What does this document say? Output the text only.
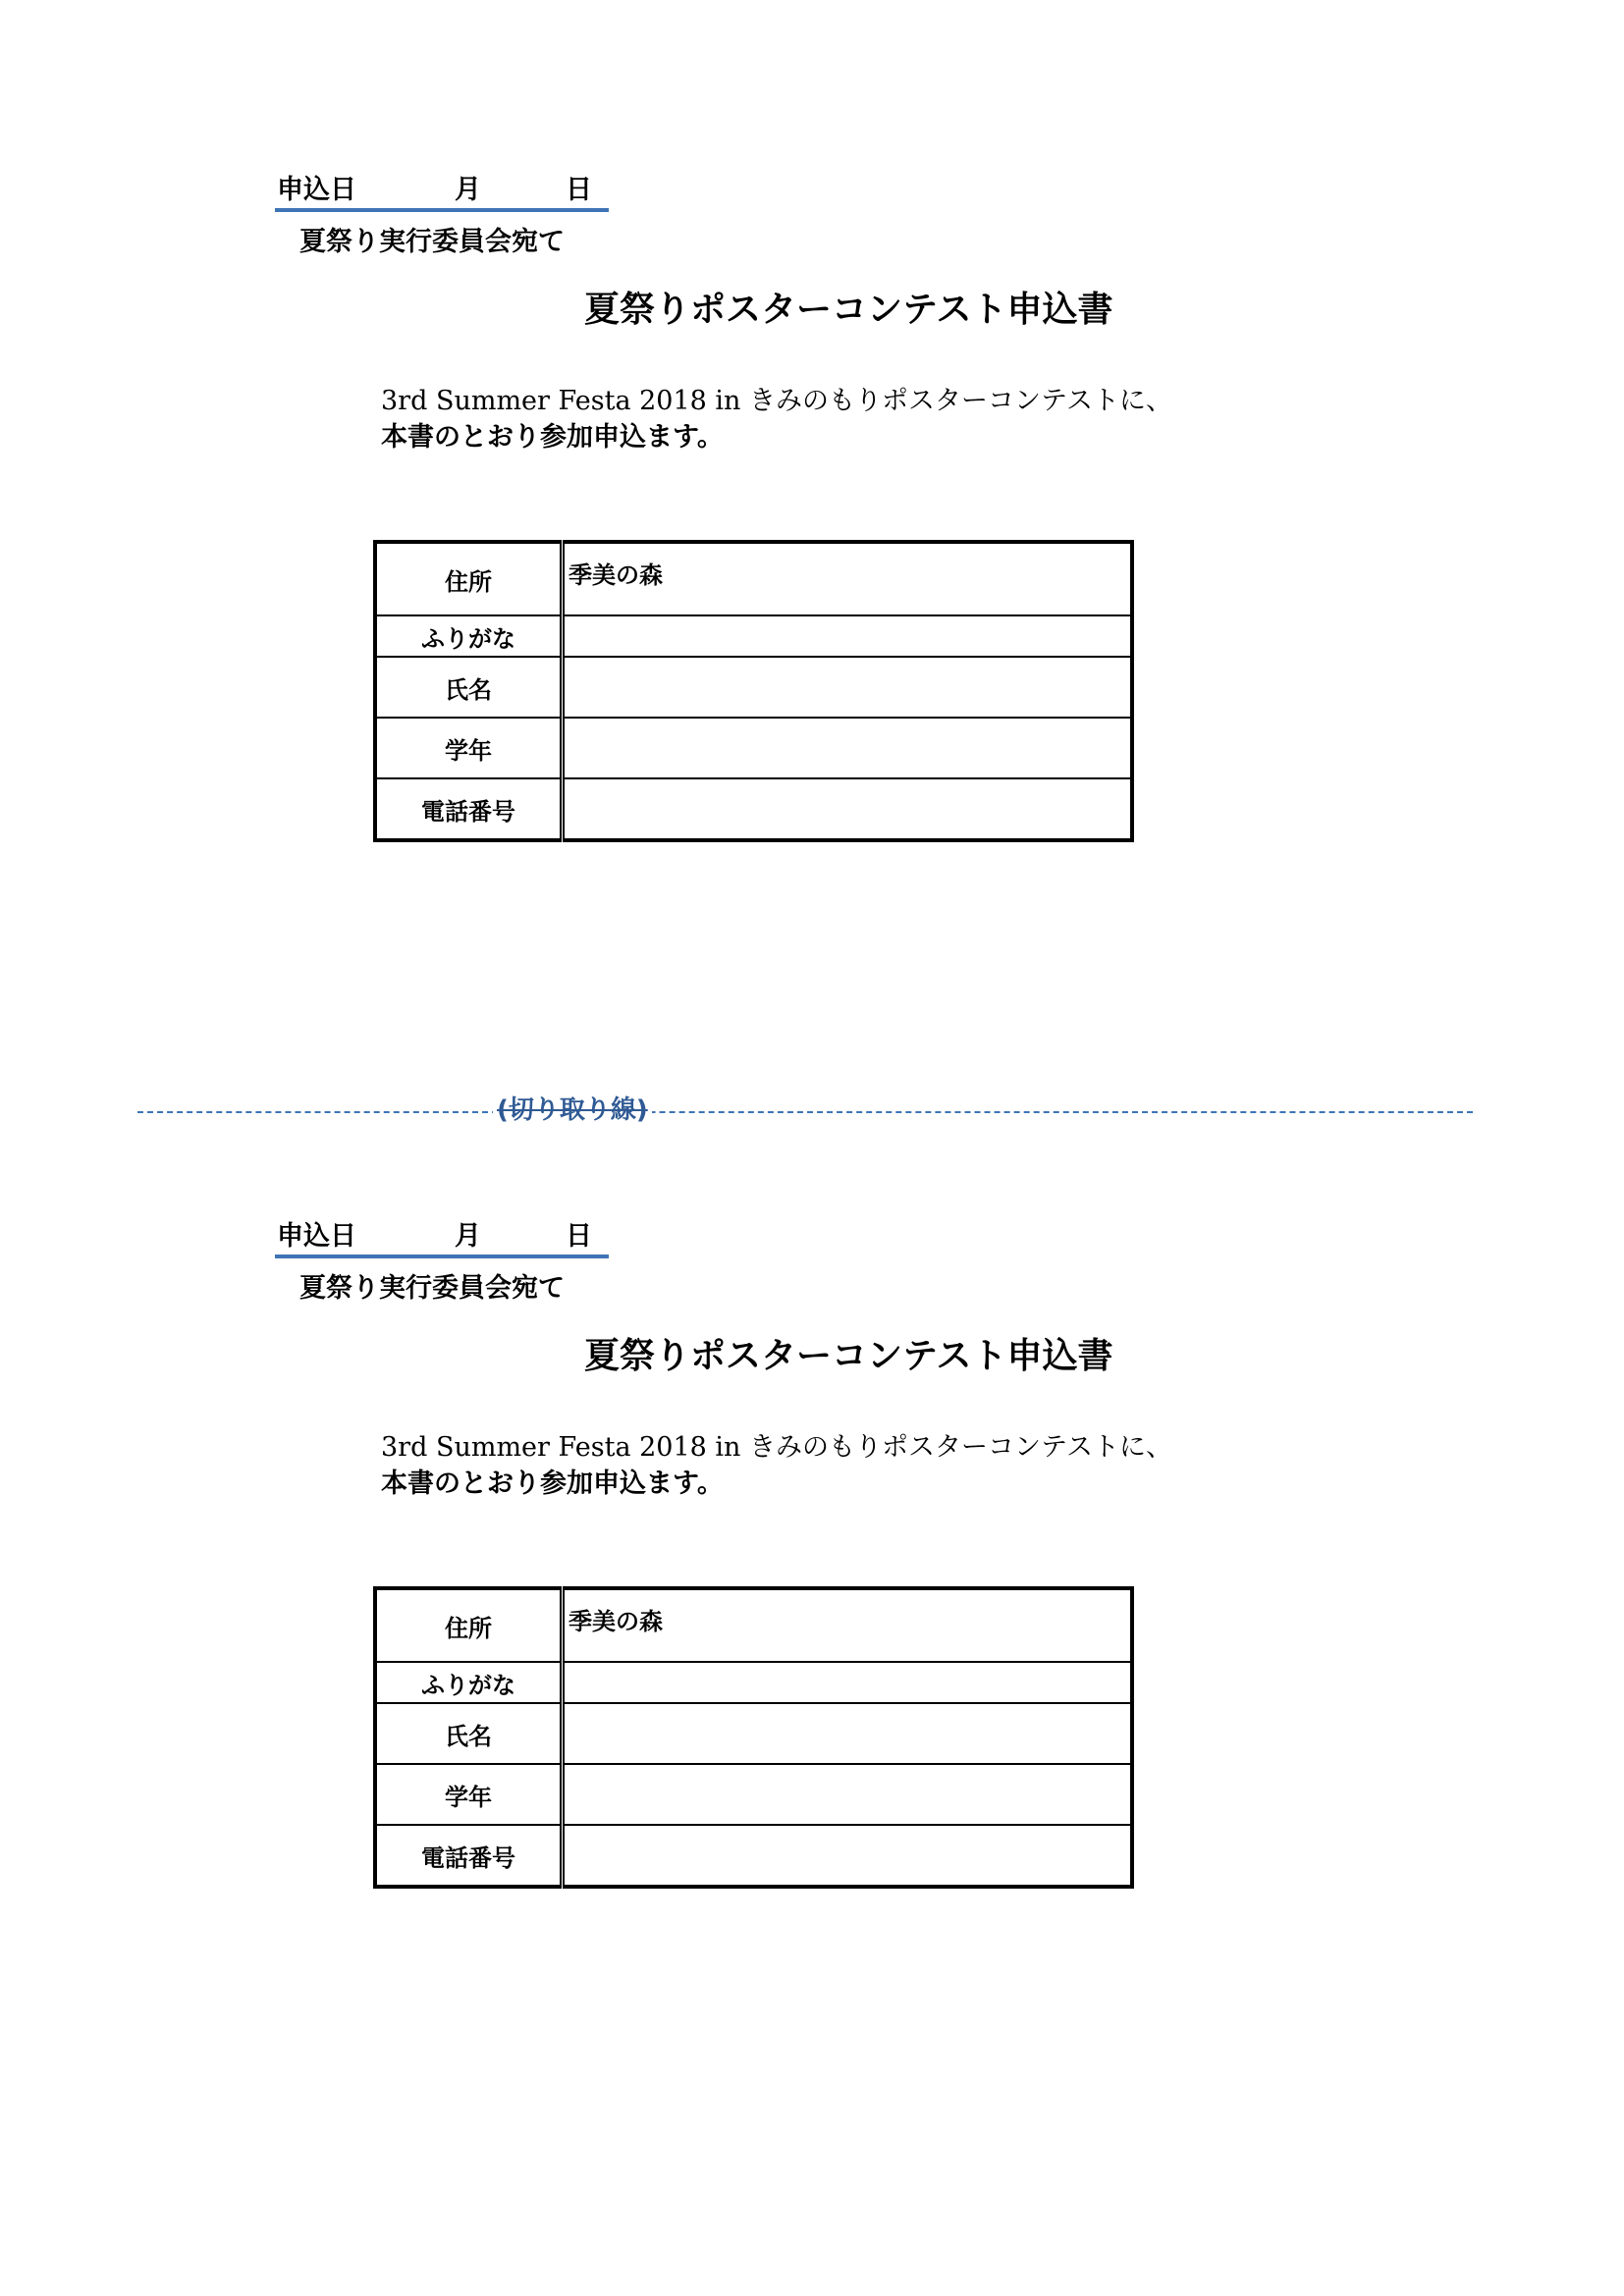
申込日	月	日
夏祭り実行委員会宛て
夏祭りポスターコンテスト申込書
3rd Summer Festa 2018 in きみのもりポスターコンテストに、
本書のとおり参加申込ます。
住所	季美の森
ふりがな	
氏名	
学年	
電話番号	
(切り取り線)
申込日	月	日
夏祭り実行委員会宛て
夏祭りポスターコンテスト申込書
3rd Summer Festa 2018 in きみのもりポスターコンテストに、
本書のとおり参加申込ます。
住所	季美の森
ふりがな	
氏名	
学年	
電話番号	
